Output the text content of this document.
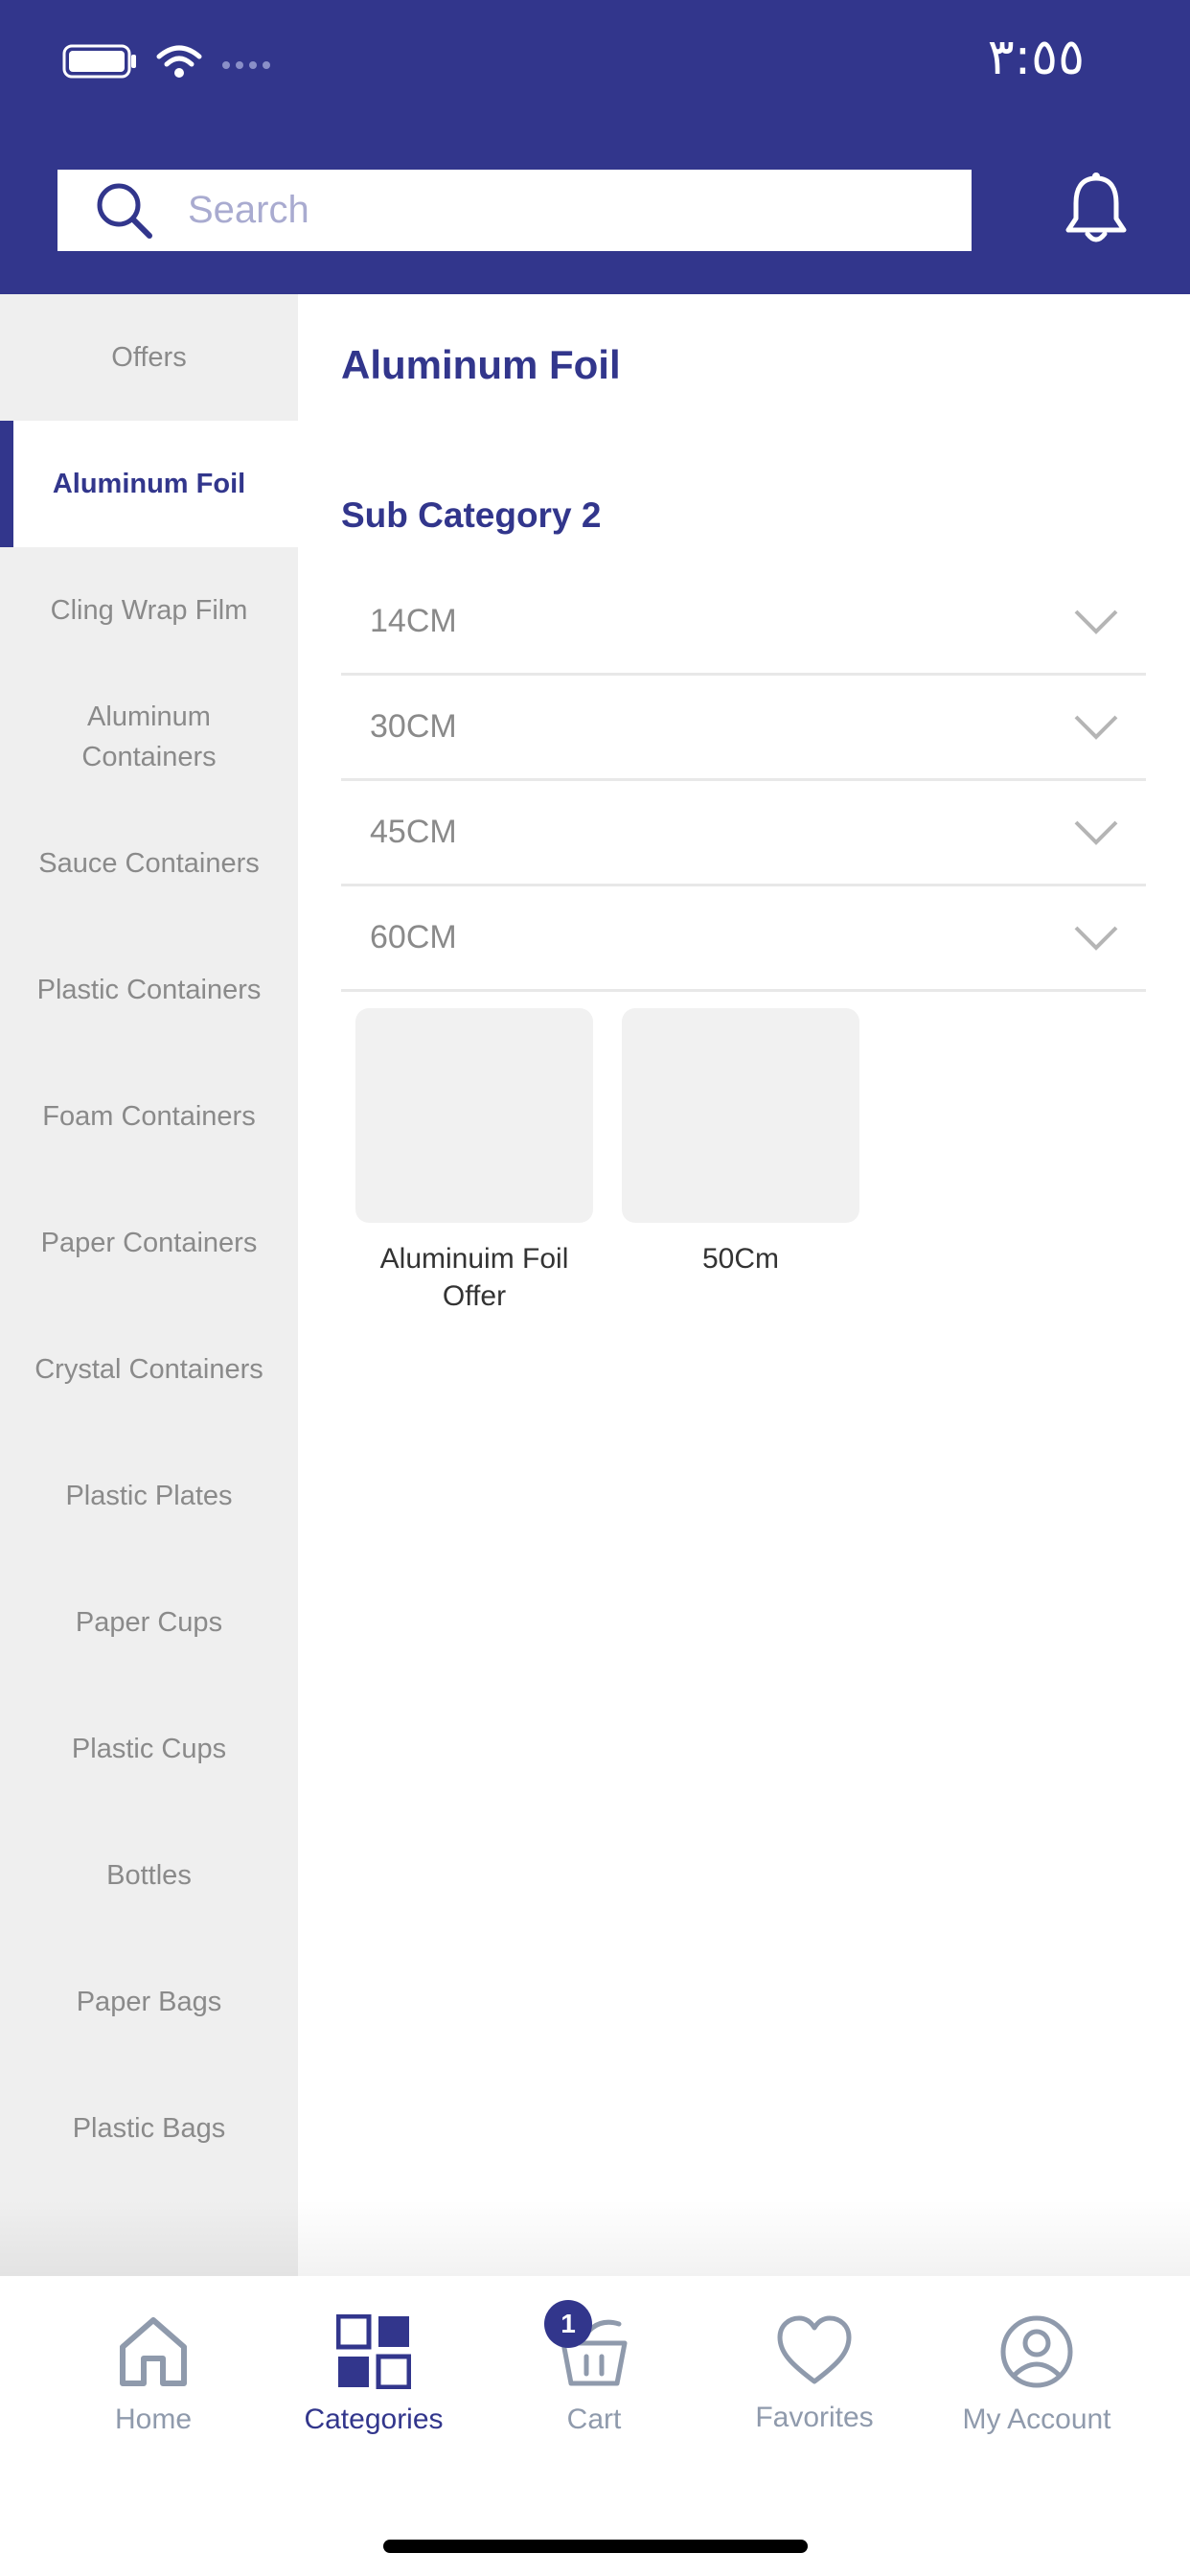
٣:٥٥
Search
Offers
Aluminum Foil
Cling Wrap Film
Aluminum Containers
Sauce Containers
Plastic Containers
Foam Containers
Paper Containers
Crystal Containers
Plastic Plates
Paper Cups
Plastic Cups
Bottles
Paper Bags
Plastic Bags
Aluminum Foil
Sub Category 2
14CM
30CM
45CM
60CM
Aluminuim Foil Offer
50Cm
Home	Categories	Cart
1
Favorites	My Account
